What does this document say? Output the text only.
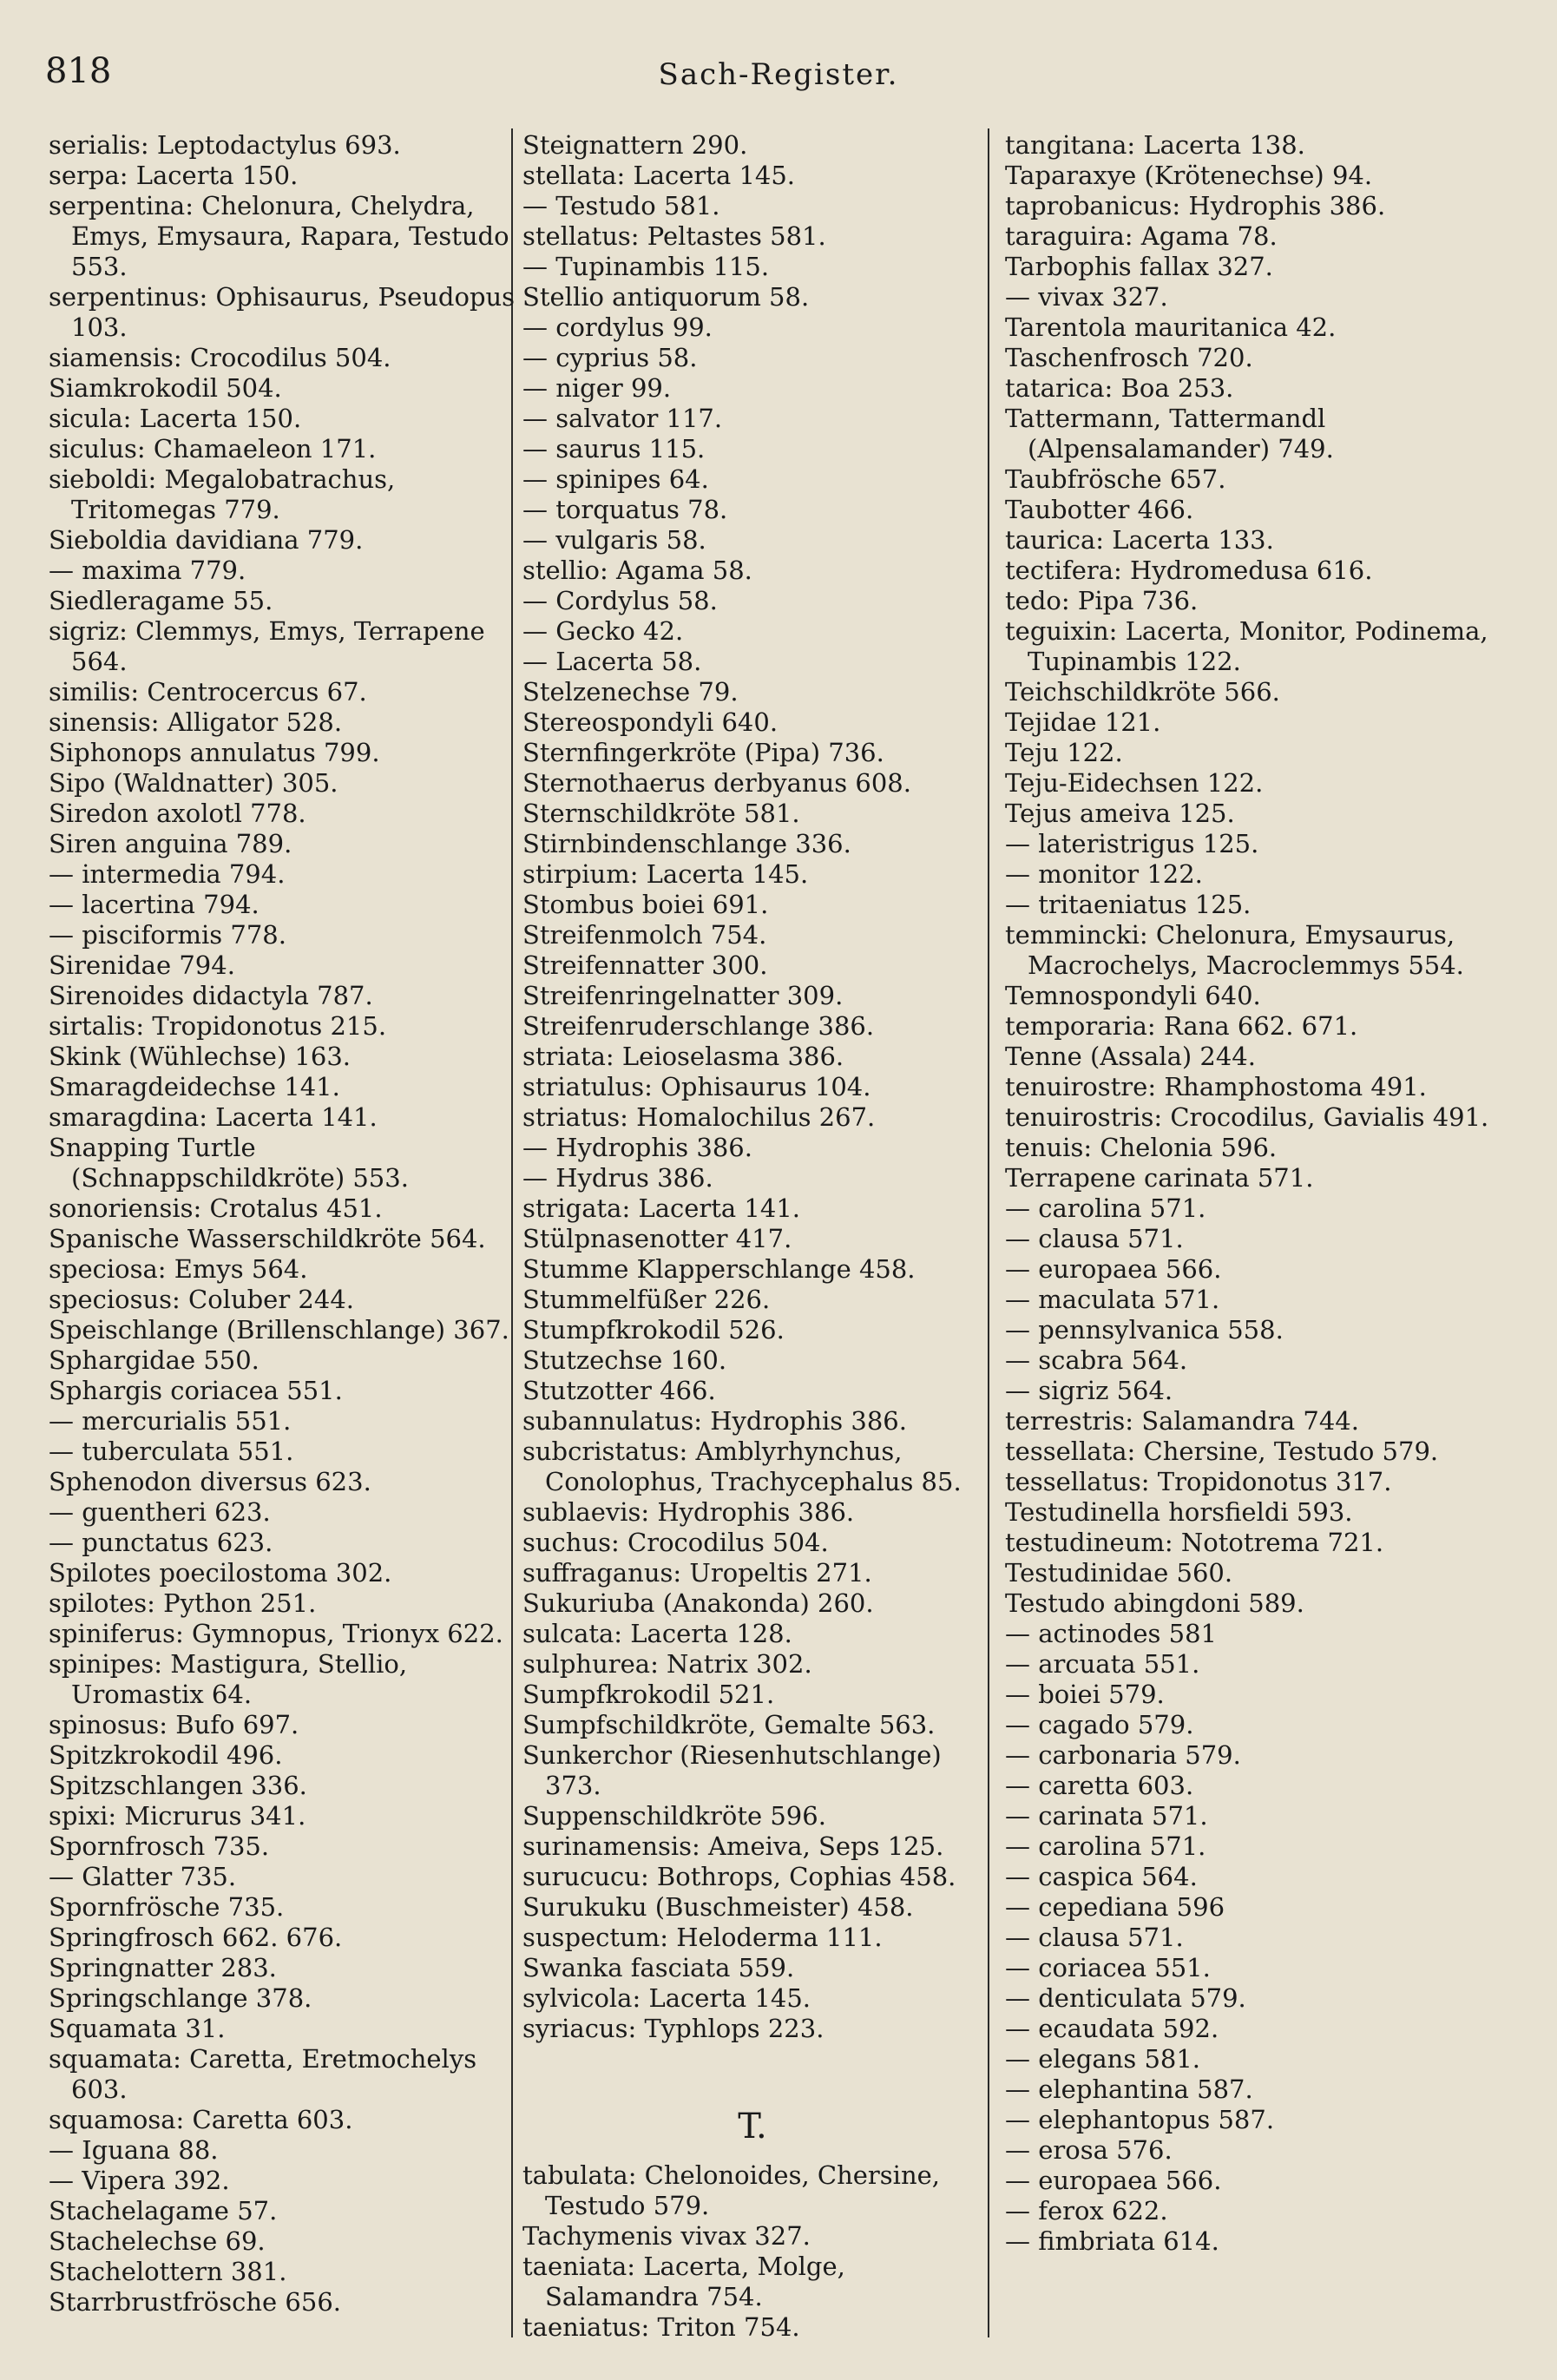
818	Sach-Register.

serialis: Leptodactylus 693.

serpa: Lacerta 150.

serpentina: Chelonura, Chelydra, Emys, Emysaura, Rapara, Testudo 553.

serpentinus: Ophisaurus, Pseudopus 103.

siamensis: Crocodilus 504.

Siamkrokodil 504.

sicula: Lacerta 150.

siculus: Chamaeleon 171.

sieboldi: Megalobatrachus, Tritomegas 779.

Sieboldia davidiana 779.

— maxima 779.

Siedleragame 55.

sigriz: Clemmys, Emys, Terrapene 564.

similis: Centrocercus 67.

sinensis: Alligator 528.

Siphonops annulatus 799.

Sipo (Waldnatter) 305.

Siredon axolotl 778.

Siren anguina 789.

— intermedia 794.

— lacertina 794.

— pisciformis 778.

Sirenidae 794.

Sirenoides didactyla 787.

sirtalis: Tropidonotus 215.

Skink (Wühlechse) 163.

Smaragdeidechse 141.

smaragdina: Lacerta 141.

Snapping Turtle (Schnappschildkröte) 553.

sonoriensis: Crotalus 451.

Spanische Wasserschildkröte 564.

speciosa: Emys 564.

speciosus: Coluber 244.

Speischlange (Brillenschlange) 367.

Sphargidae 550.

Sphargis coriacea 551.

— mercurialis 551.

— tuberculata 551.

Sphenodon diversus 623.

— guentheri 623.

— punctatus 623.

Spilotes poecilostoma 302.

spilotes: Python 251.

spiniferus: Gymnopus, Trionyx 622.

spinipes: Mastigura, Stellio, Uromastix 64.

spinosus: Bufo 697.

Spitzkrokodil 496.

Spitzschlangen 336.

spixi: Micrurus 341.

Spornfrosch 735.

— Glatter 735.

Spornfrösche 735.

Springfrosch 662. 676.

Springnatter 283.

Springschlange 378.

Squamata 31.

squamata: Caretta, Eretmochelys 603.

squamosa: Caretta 603.

— Iguana 88.

— Vipera 392.

Stachelagame 57.

Stachelechse 69.

Stachelottern 381.

Starrbrustfrösche 656.

Steignattern 290.

stellata: Lacerta 145.

— Testudo 581.

stellatus: Peltastes 581.

— Tupinambis 115.

Stellio antiquorum 58.

— cordylus 99.

— cyprius 58.

— niger 99.

— salvator 117.

— saurus 115.

— spinipes 64.

— torquatus 78.

— vulgaris 58.

stellio: Agama 58.

— Cordylus 58.

— Gecko 42.

— Lacerta 58.

Stelzenechse 79.

Stereospondyli 640.

Sternfingerkröte (Pipa) 736.

Sternothaerus derbyanus 608.

Sternschildkröte 581.

Stirnbindenschlange 336.

stirpium: Lacerta 145.

Stombus boiei 691.

Streifenmolch 754.

Streifennatter 300.

Streifenringelnatter 309.

Streifenruderschlange 386.

striata: Leioselasma 386.

striatulus: Ophisaurus 104.

striatus: Homalochilus 267.

— Hydrophis 386.

— Hydrus 386.

strigata: Lacerta 141.

Stülpnasenotter 417.

Stumme Klapperschlange 458.

Stummelfüßer 226.

Stumpfkrokodil 526.

Stutzechse 160.

Stutzotter 466.

subannulatus: Hydrophis 386.

subcristatus: Amblyrhynchus, Conolophus, Trachycephalus 85.

sublaevis: Hydrophis 386.

suchus: Crocodilus 504.

suffraganus: Uropeltis 271.

Sukuriuba (Anakonda) 260.

sulcata: Lacerta 128.

sulphurea: Natrix 302.

Sumpfkrokodil 521.

Sumpfschildkröte, Gemalte 563.

Sunkerchor (Riesenhutschlange) 373.

Suppenschildkröte 596.

surinamensis: Ameiva, Seps 125.

surucucu: Bothrops, Cophias 458.

Surukuku (Buschmeister) 458.

suspectum: Heloderma 111.

Swanka fasciata 559.

sylvicola: Lacerta 145.

syriacus: Typhlops 223.

T.

tabulata: Chelonoides, Chersine, Testudo 579.

Tachymenis vivax 327.

taeniata: Lacerta, Molge, Salamandra 754.

taeniatus: Triton 754.

tangitana: Lacerta 138.

Taparaxye (Krötenechse) 94.

taprobanicus: Hydrophis 386.

taraguira: Agama 78.

Tarbophis fallax 327.

— vivax 327.

Tarentola mauritanica 42.

Taschenfrosch 720.

tatarica: Boa 253.

Tattermann, Tattermandl (Alpensalamander) 749.

Taubfrösche 657.

Taubotter 466.

taurica: Lacerta 133.

tectifera: Hydromedusa 616.

tedo: Pipa 736.

teguixin: Lacerta, Monitor, Podinema, Tupinambis 122.

Teichschildkröte 566.

Tejidae 121.

Teju 122.

Teju-Eidechsen 122.

Tejus ameiva 125.

— lateristrigus 125.

— monitor 122.

— tritaeniatus 125.

temmincki: Chelonura, Emysaurus, Macrochelys, Macroclemmys 554.

Temnospondyli 640.

temporaria: Rana 662. 671.

Tenne (Assala) 244.

tenuirostre: Rhamphostoma 491.

tenuirostris: Crocodilus, Gavialis 491.

tenuis: Chelonia 596.

Terrapene carinata 571.

— carolina 571.

— clausa 571.

— europaea 566.

— maculata 571.

— pennsylvanica 558.

— scabra 564.

— sigriz 564.

terrestris: Salamandra 744.

tessellata: Chersine, Testudo 579.

tessellatus: Tropidonotus 317.

Testudinella horsfieldi 593.

testudineum: Nototrema 721.

Testudinidae 560.

Testudo abingdoni 589.

— actinodes 581

— arcuata 551.

— boiei 579.

— cagado 579.

— carbonaria 579.

— caretta 603.

— carinata 571.

— carolina 571.

— caspica 564.

— cepediana 596

— clausa 571.

— coriacea 551.

— denticulata 579.

— ecaudata 592.

— elegans 581.

— elephantina 587.

— elephantopus 587.

— erosa 576.

— europaea 566.

— ferox 622.

— fimbriata 614.
